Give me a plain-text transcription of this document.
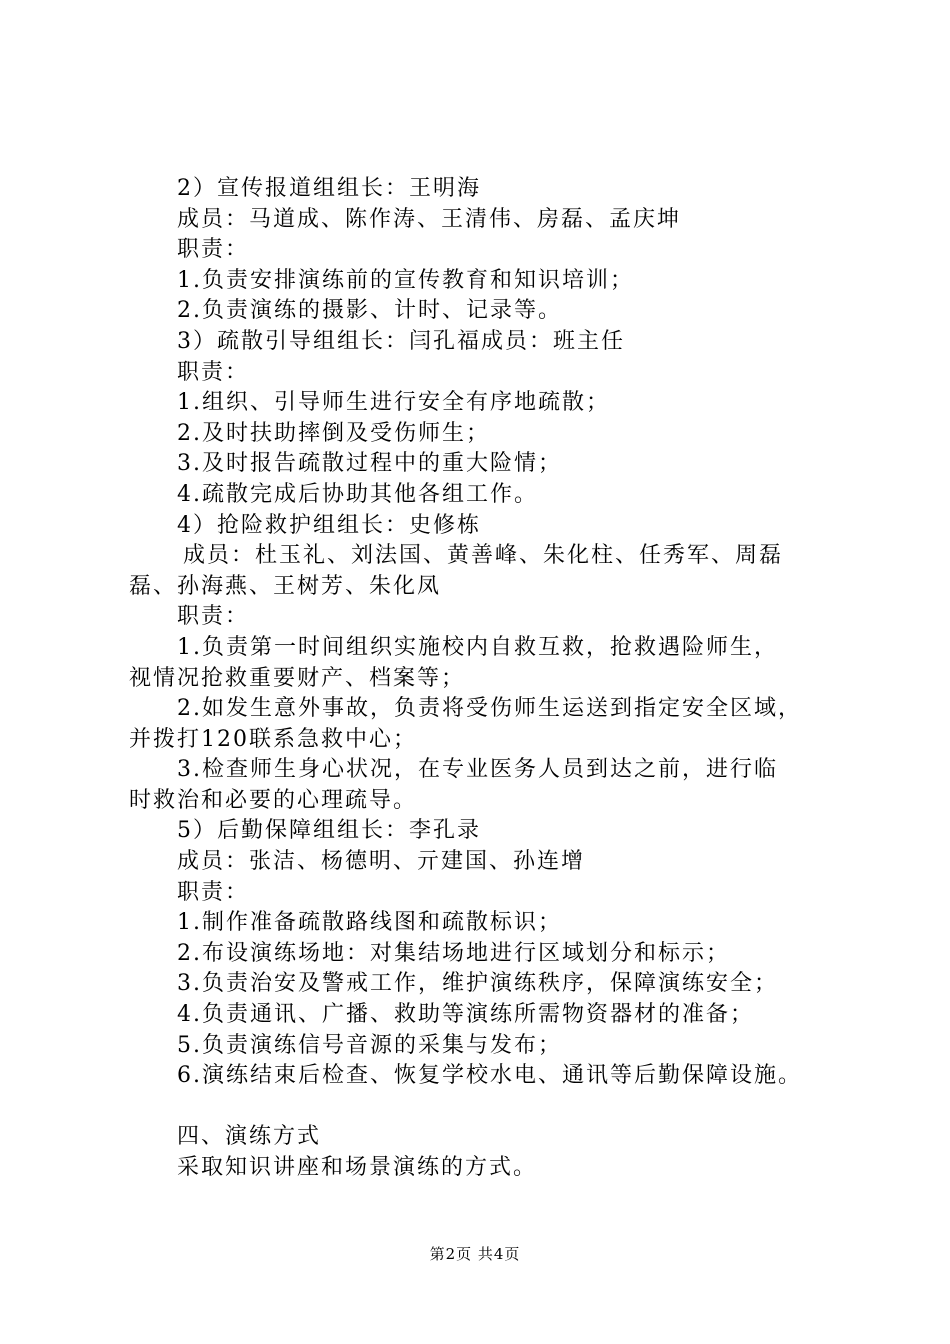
2）宣传报道组组长：王明海
成员：马道成、陈作涛、王清伟、房磊、孟庆坤
职责：
1.负责安排演练前的宣传教育和知识培训；
2.负责演练的摄影、计时、记录等。
3）疏散引导组组长：闫孔福成员：班主任
职责：
1.组织、引导师生进行安全有序地疏散；
2.及时扶助摔倒及受伤师生；
3.及时报告疏散过程中的重大险情；
4.疏散完成后协助其他各组工作。
4）抢险救护组组长：史修栋
成员：杜玉礼、刘法国、黄善峰、朱化柱、任秀军、周磊
磊、孙海燕、王树芳、朱化凤
职责：
1.负责第一时间组织实施校内自救互救，抢救遇险师生，
视情况抢救重要财产、档案等；
2.如发生意外事故，负责将受伤师生运送到指定安全区域，
并拨打120联系急救中心；
3.检查师生身心状况，在专业医务人员到达之前，进行临
时救治和必要的心理疏导。
5）后勤保障组组长：李孔录
成员：张洁、杨德明、亓建国、孙连增
职责：
1.制作准备疏散路线图和疏散标识；
2.布设演练场地：对集结场地进行区域划分和标示；
3.负责治安及警戒工作，维护演练秩序，保障演练安全；
4.负责通讯、广播、救助等演练所需物资器材的准备；
5.负责演练信号音源的采集与发布；
6.演练结束后检查、恢复学校水电、通讯等后勤保障设施。
四、演练方式
采取知识讲座和场景演练的方式。
第2页 共4页
